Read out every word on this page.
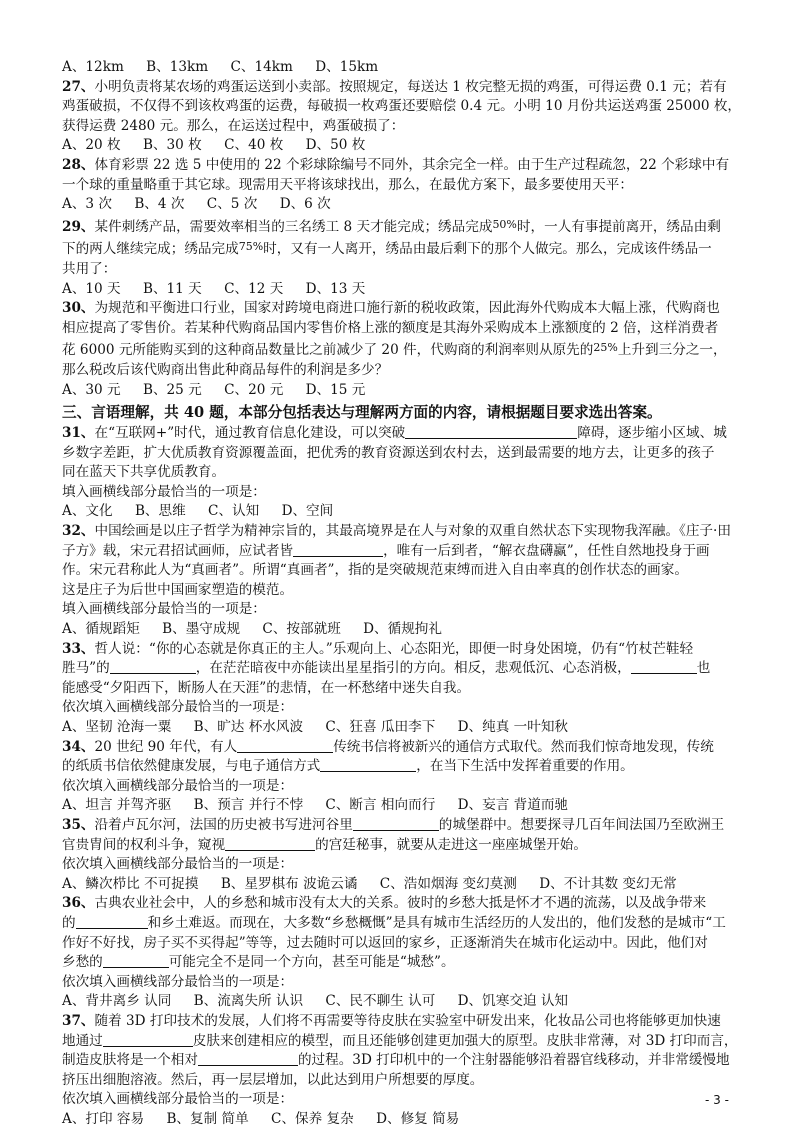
A、12km B、13km C、14km D、15km
27、小明负责将某农场的鸡蛋运送到小卖部。按照规定，每送达 1 枚完整无损的鸡蛋，可得运费 0.1 元；若有
鸡蛋破损，不仅得不到该枚鸡蛋的运费，每破损一枚鸡蛋还要赔偿 0.4 元。小明 10 月份共运送鸡蛋 25000 枚，
获得运费 2480 元。那么，在运送过程中，鸡蛋破损了：
A、20 枚 B、30 枚 C、40 枚 D、50 枚
28、体育彩票 22 选 5 中使用的 22 个彩球除编号不同外，其余完全一样。由于生产过程疏忽，22 个彩球中有
一个球的重量略重于其它球。现需用天平将该球找出，那么，在最优方案下，最多要使用天平：
A、3 次 B、4 次 C、5 次 D、6 次
29、某件刺绣产品，需要效率相当的三名绣工 8 天才能完成；绣品完成$^{50\%}$时，一人有事提前离开，绣品由剩
下的两人继续完成；绣品完成$^{75\%}$时，又有一人离开，绣品由最后剩下的那个人做完。那么，完成该件绣品一
共用了：
A、10 天 B、11 天 C、12 天 D、13 天
30、为规范和平衡进口行业，国家对跨境电商进口施行新的税收政策，因此海外代购成本大幅上涨，代购商也
相应提高了零售价。若某种代购商品国内零售价格上涨的额度是其海外采购成本上涨额度的 2 倍，这样消费者
花 6000 元所能购买到的这种商品数量比之前减少了 20 件，代购商的利润率则从原先的$^{25\%}$上升到三分之一，
那么税改后该代购商出售此种商品每件的利润是多少？
A、30 元 B、25 元 C、20 元 D、15 元
三、言语理解，共 40 题，本部分包括表达与理解两方面的内容，请根据题目要求选出答案。
31、在“互联网+”时代，通过教育信息化建设，可以突破	障碍，逐步缩小区域、城
乡数字差距，扩大优质教育资源覆盖面，把优秀的教育资源送到农村去，送到最需要的地方去，让更多的孩子
同在蓝天下共享优质教育。
填入画横线部分最恰当的一项是：
A、文化 B、思维 C、认知 D、空间
32、中国绘画是以庄子哲学为精神宗旨的，其最高境界是在人与对象的双重自然状态下实现物我浑融。《庄子·田
子方》载，宋元君招试画师，应试者皆	，唯有一后到者，“解衣盘礴赢”，任性自然地投身于画
作。宋元君称此人为“真画者”。所谓“真画者”，指的是突破规范束缚而进入自由率真的创作状态的画家。
这是庄子为后世中国画家塑造的模范。
填入画横线部分最恰当的一项是：
A、循规蹈矩 B、墨守成规 C、按部就班 D、循规拘礼
33、哲人说：“你的心态就是你真正的主人。”乐观向上、心态阳光，即便一时身处困境，仍有“竹杖芒鞋轻
胜马”的	，在茫茫暗夜中亦能读出星星指引的方向。相反，悲观低沉、心态消极，	也
能感受“夕阳西下，断肠人在天涯”的悲情，在一杯愁绪中迷失自我。
依次填入画横线部分最恰当的一项是：
A、坚韧 沧海一粟 B、旷达 杯水风波 C、狂喜 瓜田李下 D、纯真 一叶知秋
34、20 世纪 90 年代，有人	传统书信将被新兴的通信方式取代。然而我们惊奇地发现，传统
的纸质书信依然健康发展，与电子通信方式	，在当下生活中发挥着重要的作用。
依次填入画横线部分最恰当的一项是：
A、坦言 并驾齐驱 B、预言 并行不悖 C、断言 相向而行 D、妄言 背道而驰
35、沿着卢瓦尔河，法国的历史被书写进河谷里	的城堡群中。想要探寻几百年间法国乃至欧洲王
官贵胄间的权利斗争，窥视	的宫廷秘事，就要从走进这一座座城堡开始。
依次填入画横线部分最恰当的一项是：
A、鳞次栉比 不可捉摸 B、星罗棋布 波诡云谲 C、浩如烟海 变幻莫测 D、不计其数 变幻无常
36、古典农业社会中，人的乡愁和城市没有太大的关系。彼时的乡愁大抵是怀才不遇的流荡，以及战争带来
的	和乡土难返。而现在，大多数“乡愁概慨”是具有城市生活经历的人发出的，他们发愁的是城市“工
作好不好找，房子买不买得起”等等，过去随时可以返回的家乡，正逐渐消失在城市化运动中。因此，他们对
乡愁的	可能完全不是同一个方向，甚至可能是“城愁”。
依次填入画横线部分最恰当的一项是：
A、背井离乡 认同 B、流离失所 认识 C、民不聊生 认可 D、饥寒交迫 认知
37、随着 3D 打印技术的发展，人们将不再需要等待皮肤在实验室中研发出来，化妆品公司也将能够更加快速
地通过	皮肤来创建相应的模型，而且还能够创建更加强大的原型。皮肤非常薄，对 3D 打印而言，
制造皮肤将是一个相对	的过程。3D 打印机中的一个注射器能够沿着器官线移动，并非常缓慢地
挤压出细胞溶液。然后，再一层层增加，以此达到用户所想要的厚度。
依次填入画横线部分最恰当的一项是：
A、打印 容易 B、复制 简单 C、保养 复杂 D、修复 简易
- 3 -
